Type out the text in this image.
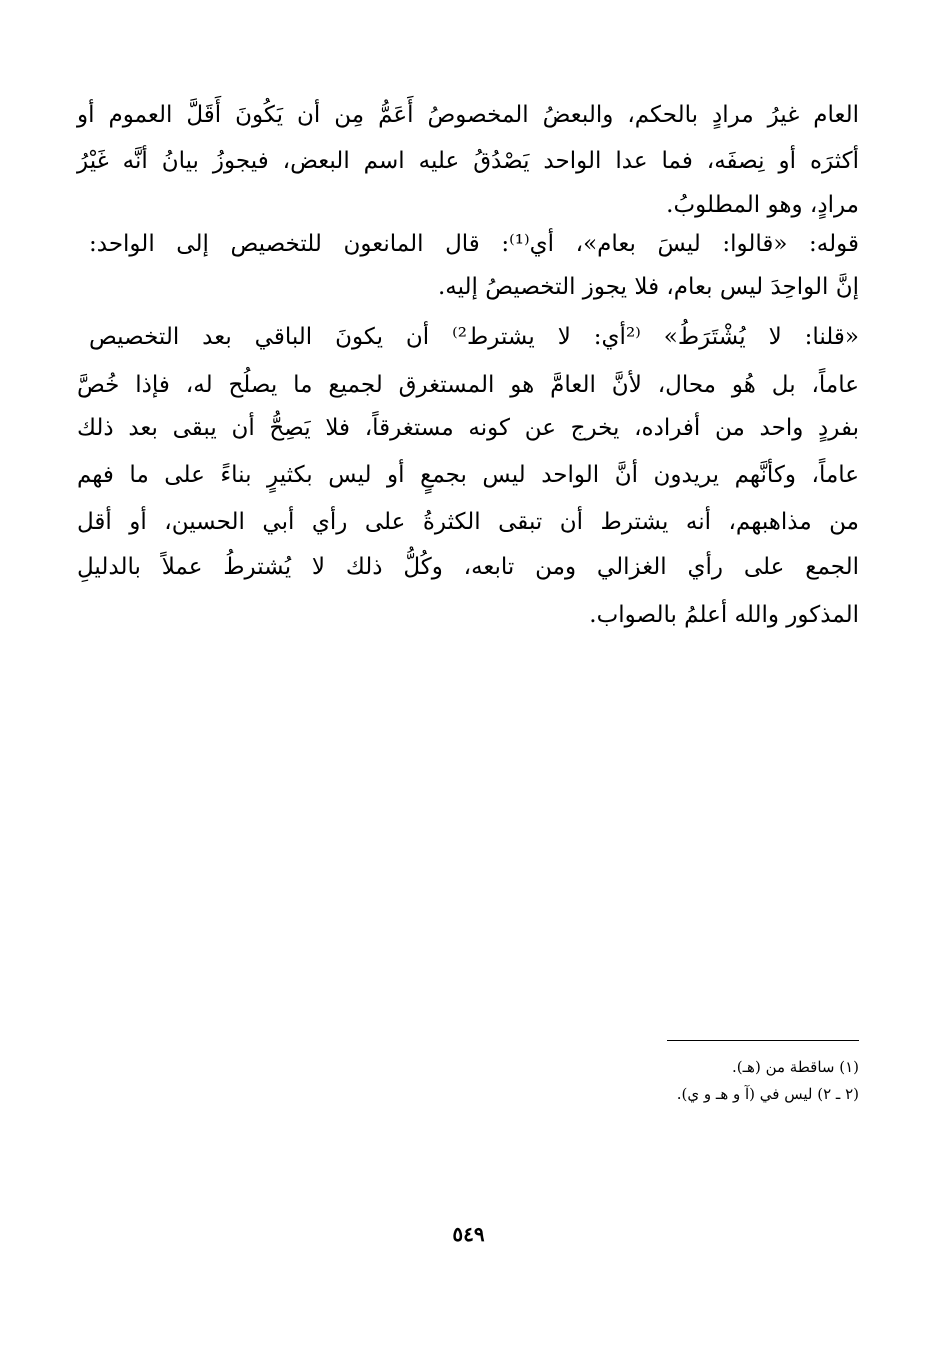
العام غيرُ مرادٍ بالحكم، والبعضُ المخصوصُ أَعَمُّ مِن أن يَكُونَ أَقَلَّ العموم أو
أكثرَه أو نِصفَه، فما عدا الواحد يَصْدُقُ عليه اسم البعض، فيجوزُ بيانُ أنَّه غَيْرُ
مرادٍ، وهو المطلوبُ.
قوله: «قالوا: ليسَ بعام»، أي⁽¹⁾: قال المانعون للتخصيص إلى الواحد:
إنَّ الواحِدَ ليس بعام، فلا يجوز التخصيصُ إليه.
«قلنا: لا يُشْتَرَطُ» ⁽²أي: لا يشترط²⁾ أن يكونَ الباقي بعد التخصيص
عاماً، بل هُو محال، لأنَّ العامَّ هو المستغرق لجميع ما يصلُح له، فإذا خُصَّ
بفردٍ واحد من أفراده، يخرج عن كونه مستغرقاً، فلا يَصِحُّ أن يبقى بعد ذلك
عاماً، وكأنَّهم يريدون أنَّ الواحد ليس بجمعٍ أو ليس بكثيرٍ بناءً على ما فهم
من مذاهبهم، أنه يشترط أن تبقى الكثرةُ على رأي أبي الحسين، أو أقل
الجمع على رأي الغزالي ومن تابعه، وكُلُّ ذلك لا يُشترطُ عملاً بالدليلِ
المذكور والله أعلمُ بالصواب.
(١) ساقطة من (هـ).
(٢ ـ ٢) ليس في (آ و هـ و ي).
٥٤٩
